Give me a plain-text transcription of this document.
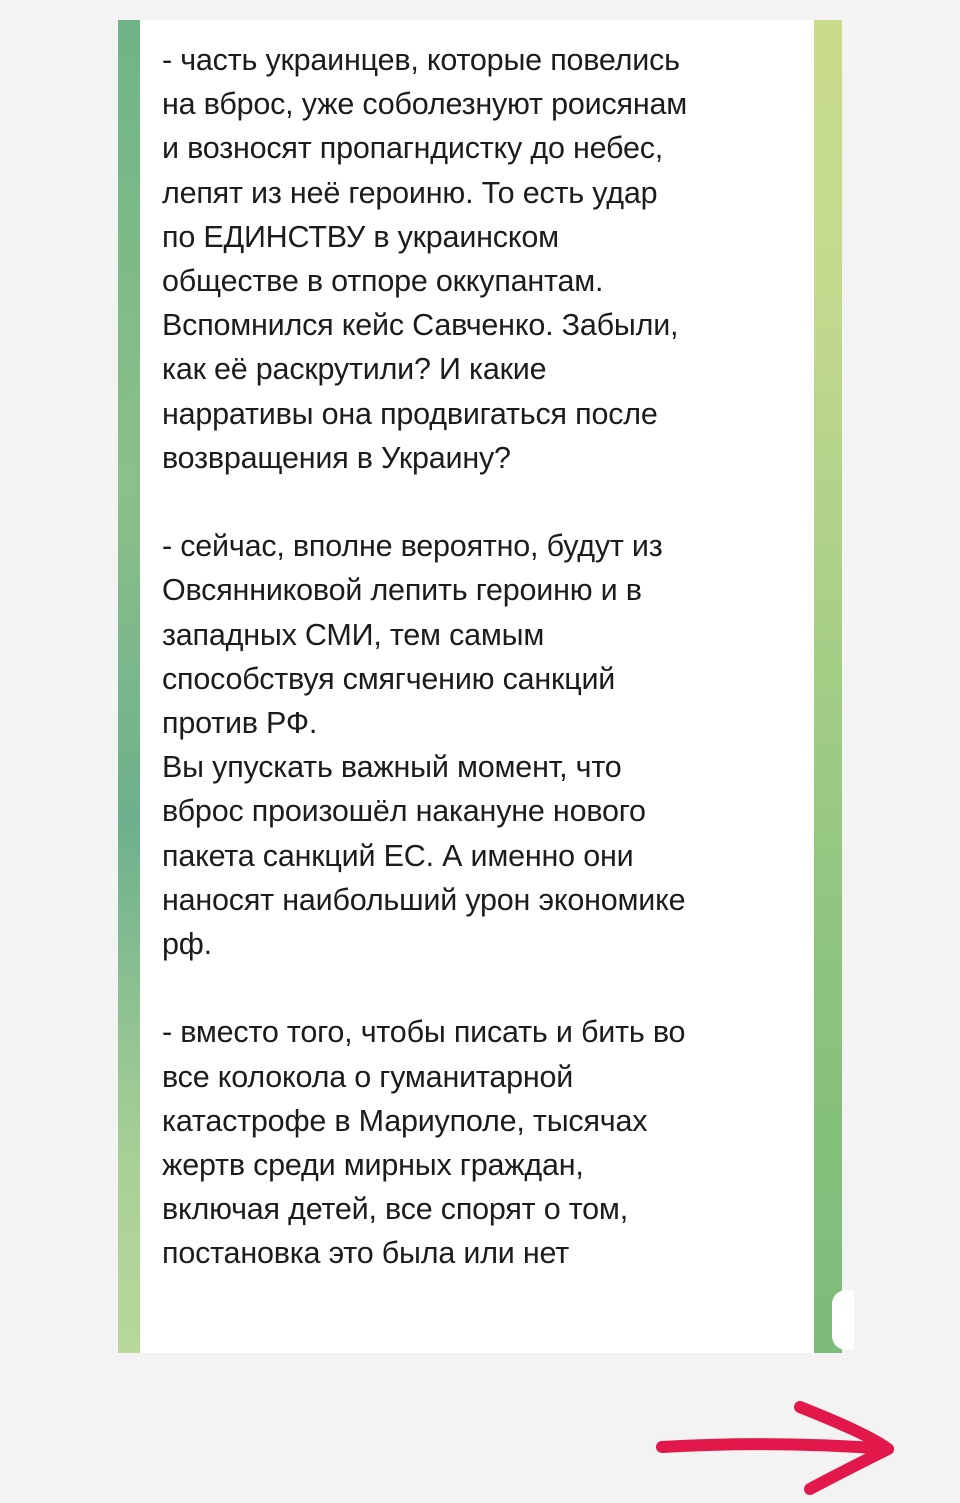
- часть украинцев, которые повелись
на вброс, уже соболезнуют роисянам
и возносят пропагндистку до небес,
лепят из неё героиню. То есть удар
по ЕДИНСТВУ в украинском
обществе в отпоре оккупантам.
Вспомнился кейс Савченко. Забыли,
как её раскрутили? И какие
нарративы она продвигаться после
возвращения в Украину?
- сейчас, вполне вероятно, будут из
Овсянниковой лепить героиню и в
западных СМИ, тем самым
способствуя смягчению санкций
против РФ.
Вы упускать важный момент, что
вброс произошёл накануне нового
пакета санкций ЕС. А именно они
наносят наибольший урон экономике
рф.
- вместо того, чтобы писать и бить во
все колокола о гуманитарной
катастрофе в Мариуполе, тысячах
жертв среди мирных граждан,
включая детей, все спорят о том,
постановка это была или нет
